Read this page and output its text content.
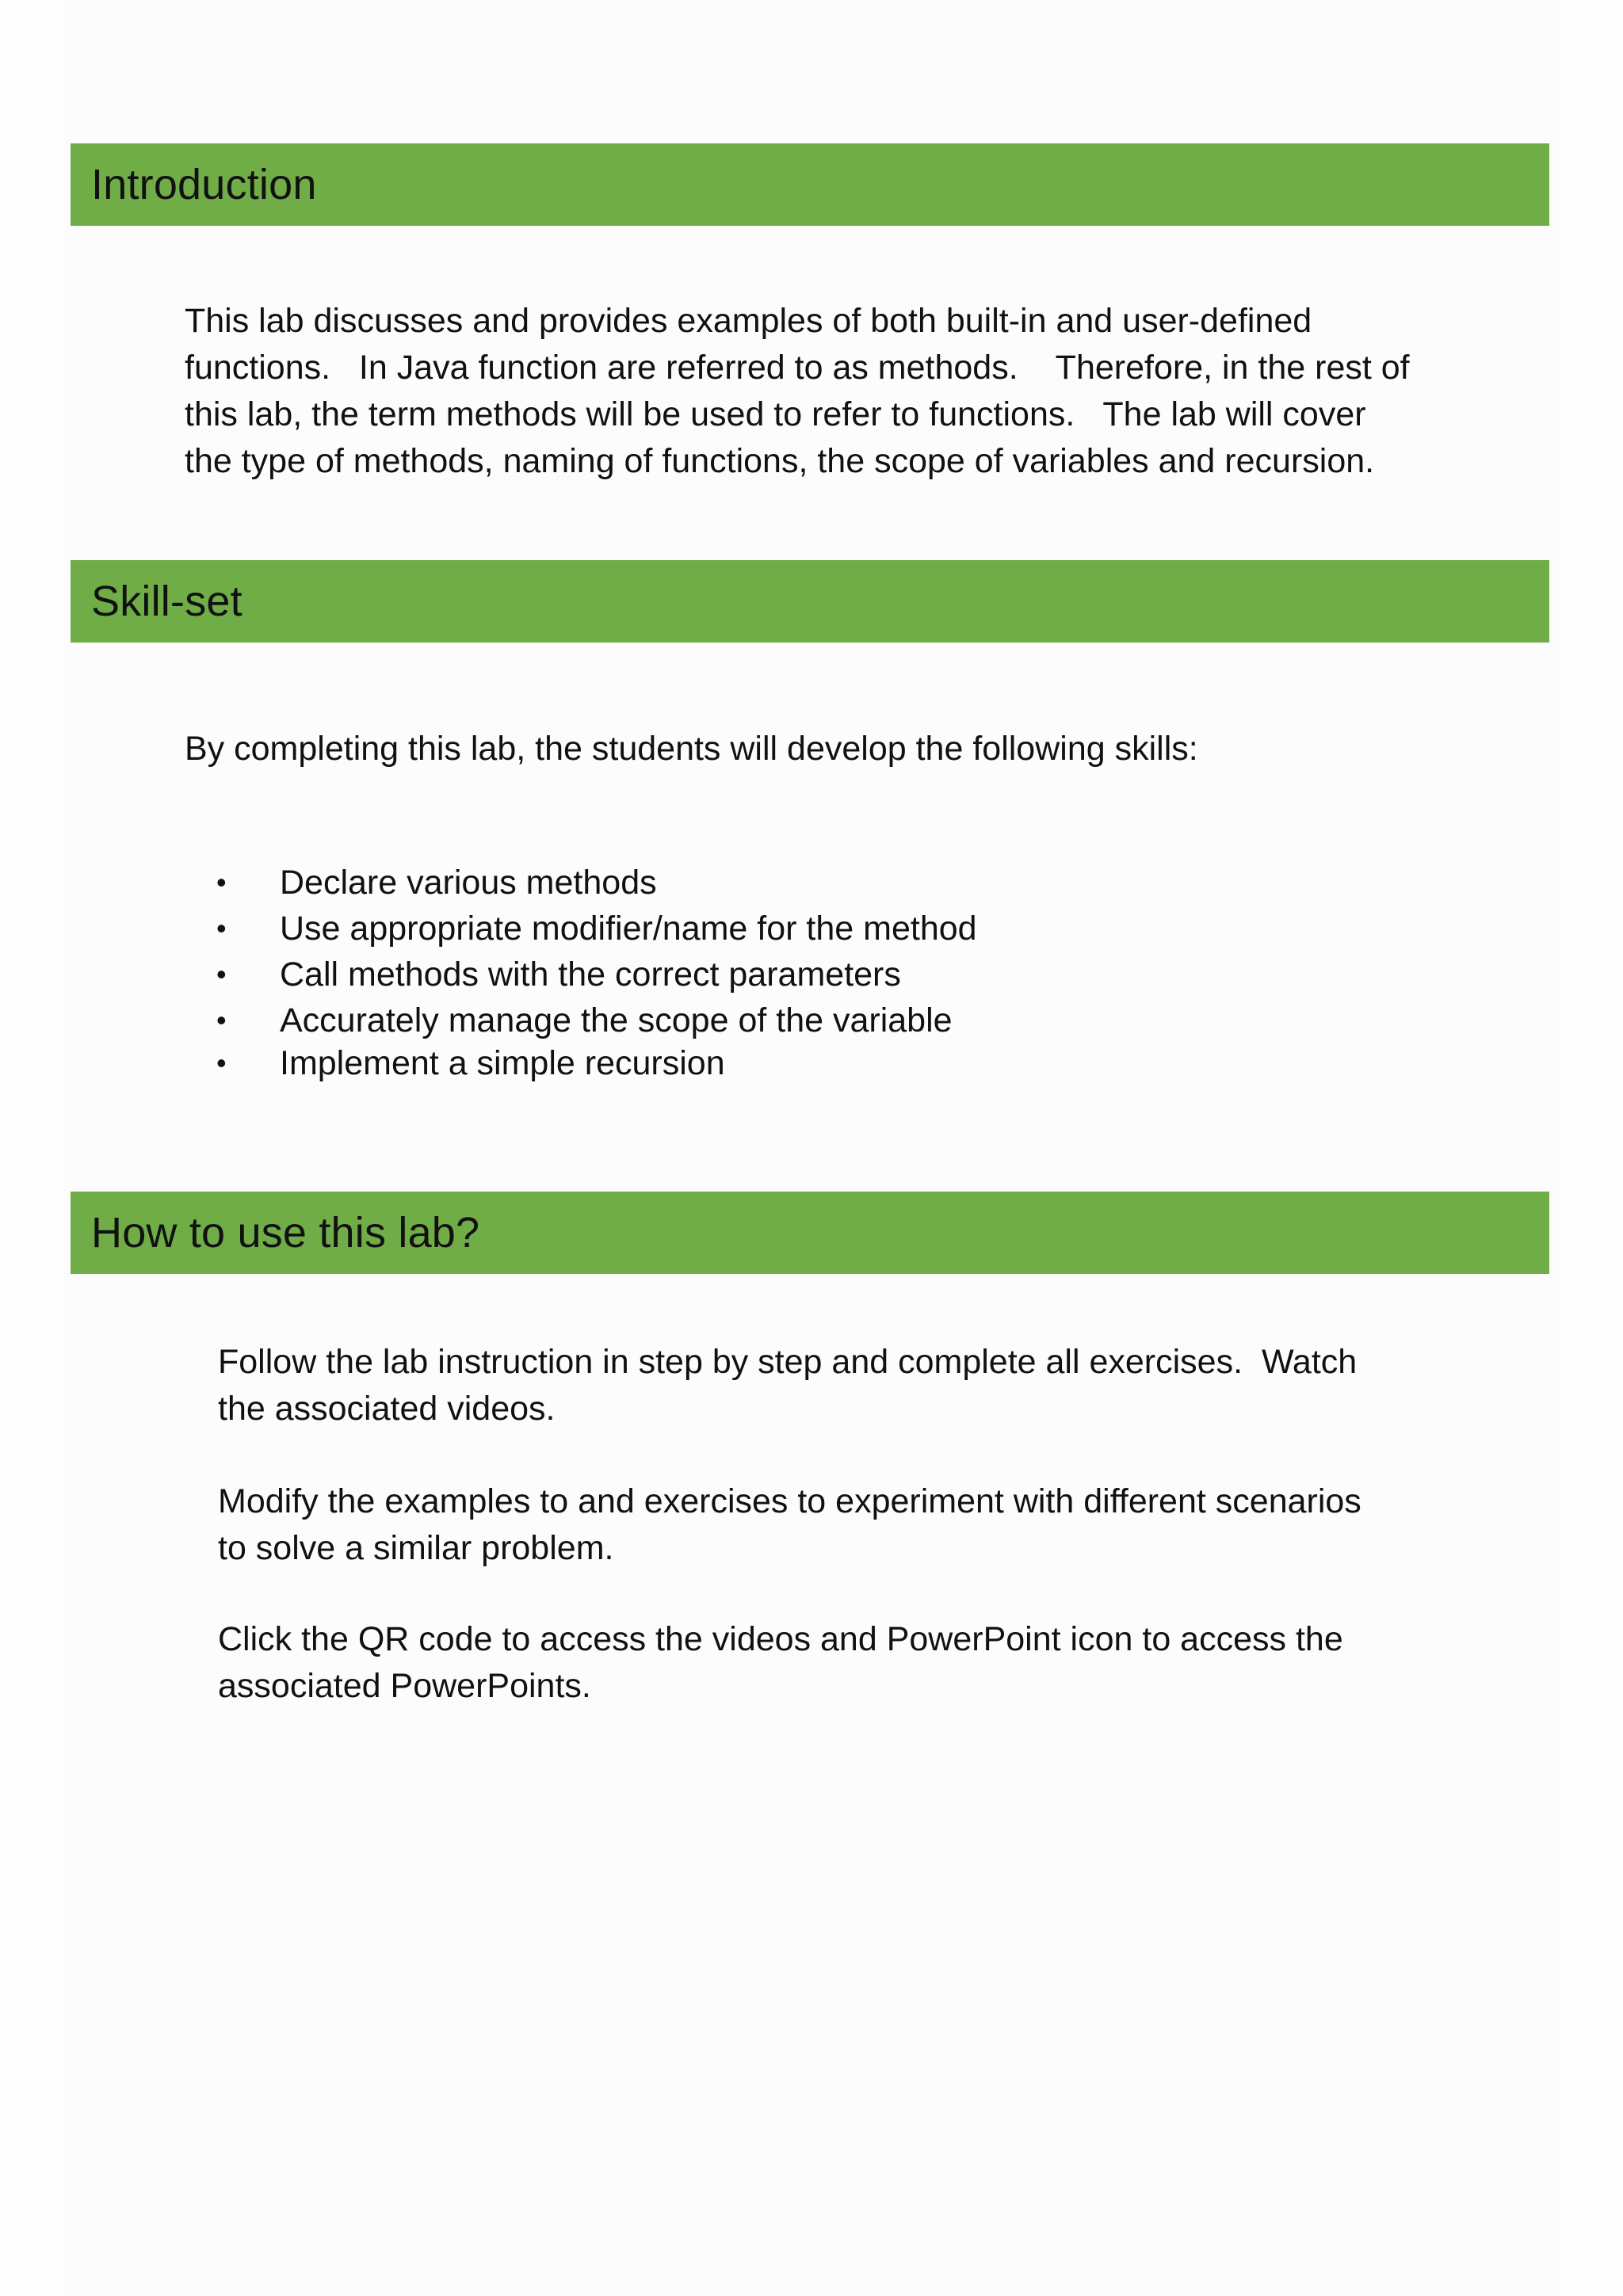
Introduction

This lab discusses and provides examples of both built-in and user-defined
functions.   In Java function are referred to as methods.    Therefore, in the rest of
this lab, the term methods will be used to refer to functions.   The lab will cover
the type of methods, naming of functions, the scope of variables and recursion.

Skill-set

By completing this lab, the students will develop the following skills:

• Declare various methods
• Use appropriate modifier/name for the method
• Call methods with the correct parameters
• Accurately manage the scope of the variable
• Implement a simple recursion
How to use this lab?

Follow the lab instruction in step by step and complete all exercises.  Watch
the associated videos.

Modify the examples to and exercises to experiment with different scenarios
to solve a similar problem.

Click the QR code to access the videos and PowerPoint icon to access the
associated PowerPoints.
